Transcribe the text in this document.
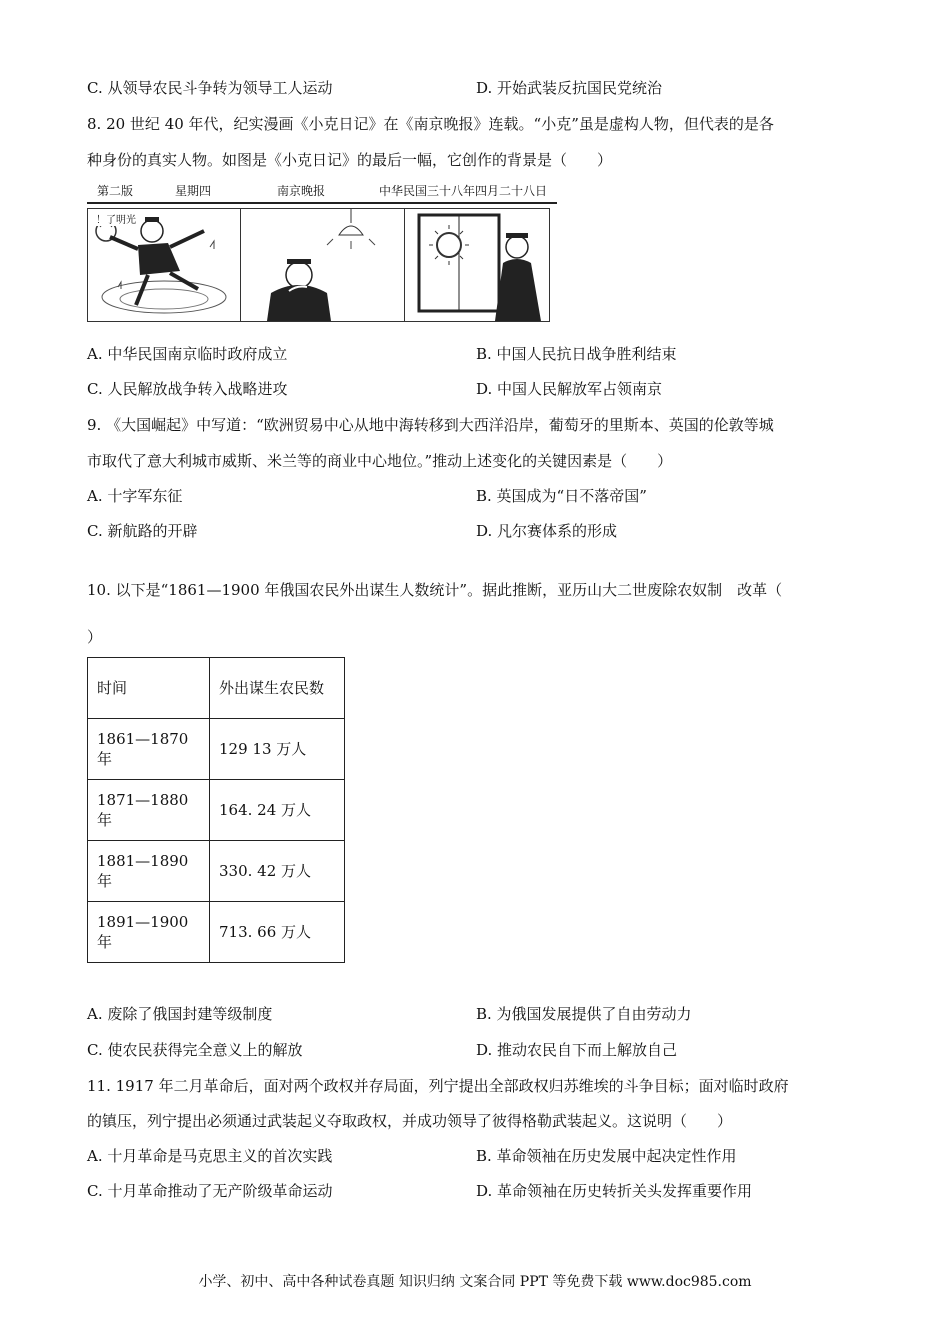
C. 从领导农民斗争转为领导工人运动	D. 开始武装反抗国民党统治
8. 20 世纪 40 年代，纪实漫画《小克日记》在《南京晚报》连载。“小克”虽是虚构人物，但代表的是各
种身份的真实人物。如图是《小克日记》的最后一幅，它创作的背景是（　　）
第二版	星期四	南京晚报	中华民国三十八年四月二十八日
！了明光
A. 中华民国南京临时政府成立	B. 中国人民抗日战争胜利结束
C. 人民解放战争转入战略进攻	D. 中国人民解放军占领南京
9. 《大国崛起》中写道：“欧洲贸易中心从地中海转移到大西洋沿岸，葡萄牙的里斯本、英国的伦敦等城
市取代了意大利城市威斯、米兰等的商业中心地位。”推动上述变化的关键因素是（　　）
A. 十字军东征	B. 英国成为“日不落帝国”
C. 新航路的开辟	D. 凡尔赛体系的形成
10. 以下是“1861—1900 年俄国农民外出谋生人数统计”。据此推断，亚历山大二世废除农奴制　改革（
）
时间	外出谋生农民数
1861—1870年	129 13 万人
1871—1880年	164. 24 万人
1881—1890年	330. 42 万人
1891—1900年	713. 66 万人
A. 废除了俄国封建等级制度	B. 为俄国发展提供了自由劳动力
C. 使农民获得完全意义上的解放	D. 推动农民自下而上解放自己
11. 1917 年二月革命后，面对两个政权并存局面，列宁提出全部政权归苏维埃的斗争目标；面对临时政府
的镇压，列宁提出必须通过武装起义夺取政权，并成功领导了彼得格勒武装起义。这说明（　　）
A. 十月革命是马克思主义的首次实践	B. 革命领袖在历史发展中起决定性作用
C. 十月革命推动了无产阶级革命运动	D. 革命领袖在历史转折关头发挥重要作用
小学、初中、高中各种试卷真题 知识归纳 文案合同 PPT 等免费下载 www.doc985.com
